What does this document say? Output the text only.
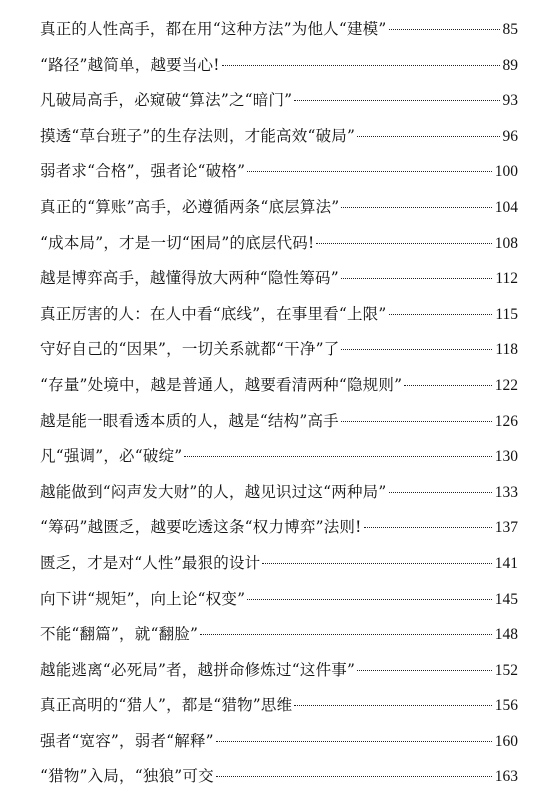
真正的人性高手，都在用“这种方法”为他人“建模”	85
“路径”越简单，越要当心!	89
凡破局高手，必窥破“算法”之“暗门”	93
摸透“草台班子”的生存法则，才能高效“破局”	96
弱者求“合格”，强者论“破格”	100
真正的“算账”高手，必遵循两条“底层算法”	104
“成本局”，才是一切“困局”的底层代码!	108
越是博弈高手，越懂得放大两种“隐性筹码”	112
真正厉害的人：在人中看“底线”，在事里看“上限”	115
守好自己的“因果”，一切关系就都“干净”了	118
“存量”处境中，越是普通人，越要看清两种“隐规则”	122
越是能一眼看透本质的人，越是“结构”高手	126
凡“强调”，必“破绽”	130
越能做到“闷声发大财”的人，越见识过这“两种局”	133
“筹码”越匮乏，越要吃透这条“权力博弈”法则!	137
匮乏，才是对“人性”最狠的设计	141
向下讲“规矩”，向上论“权变”	145
不能“翻篇”，就“翻脸”	148
越能逃离“必死局”者，越拼命修炼过“这件事”	152
真正高明的“猎人”，都是“猎物”思维	156
强者“宽容”，弱者“解释”	160
“猎物”入局，“独狼”可交	163
